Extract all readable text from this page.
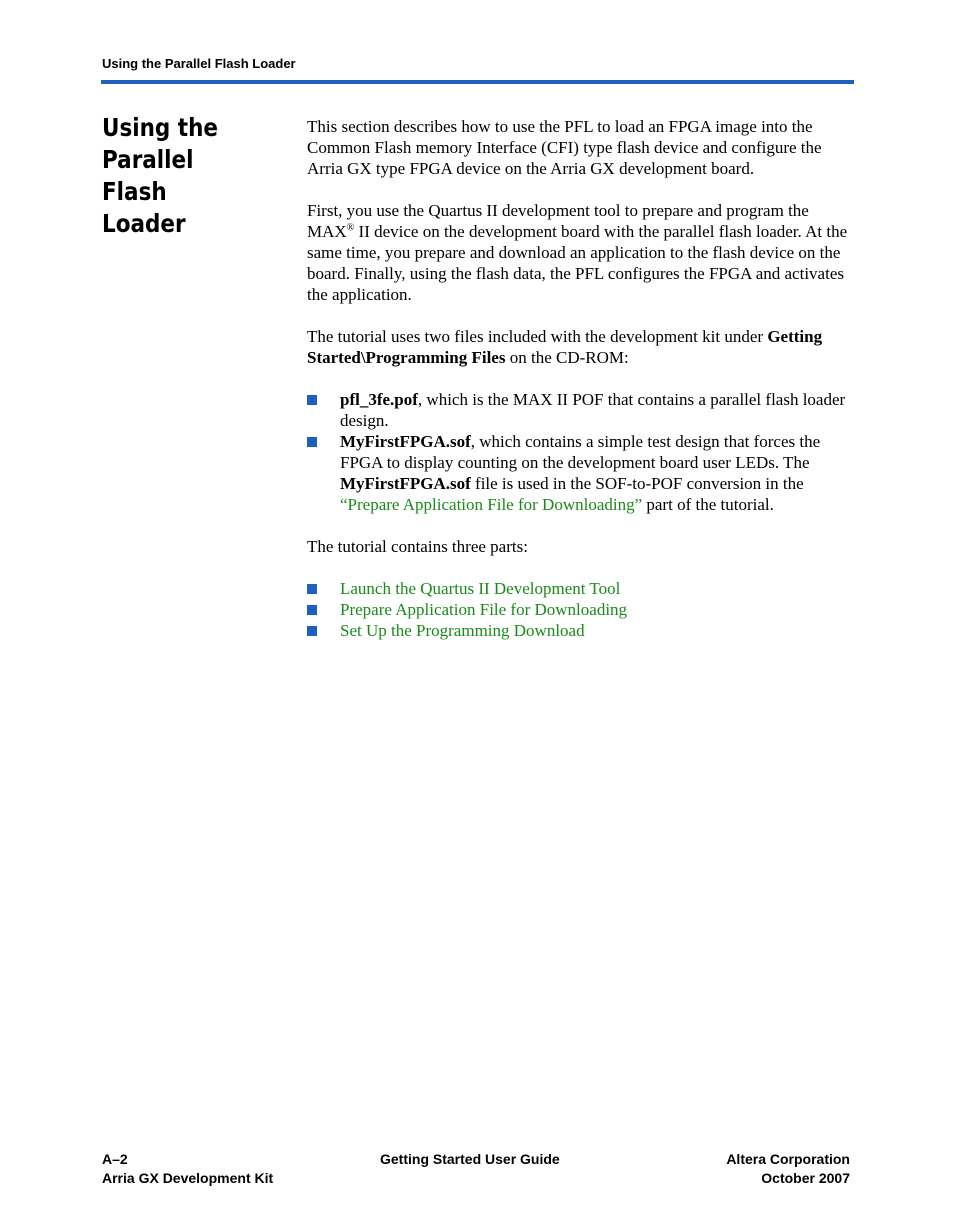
Using the Parallel Flash Loader
Using the
Parallel Flash
Loader

This section describes how to use the PFL to load an FPGA image into the Common Flash memory Interface (CFI) type flash device and configure the Arria GX type FPGA device on the Arria GX development board.

First, you use the Quartus II development tool to prepare and program the MAX® II device on the development board with the parallel flash loader. At the same time, you prepare and download an application to the flash device on the board. Finally, using the flash data, the PFL configures the FPGA and activates the application.

The tutorial uses two files included with the development kit under Getting Started\Programming Files on the CD-ROM:

pfl_3fe.pof, which is the MAX II POF that contains a parallel flash loader design.
MyFirstFPGA.sof, which contains a simple test design that forces the FPGA to display counting on the development board user LEDs. The MyFirstFPGA.sof file is used in the SOF-to-POF conversion in the “Prepare Application File for Downloading” part of the tutorial.

The tutorial contains three parts:

Launch the Quartus II Development Tool
Prepare Application File for Downloading
Set Up the Programming Download
A–2
Arria GX Development Kit
Getting Started User Guide	Altera Corporation
October 2007
